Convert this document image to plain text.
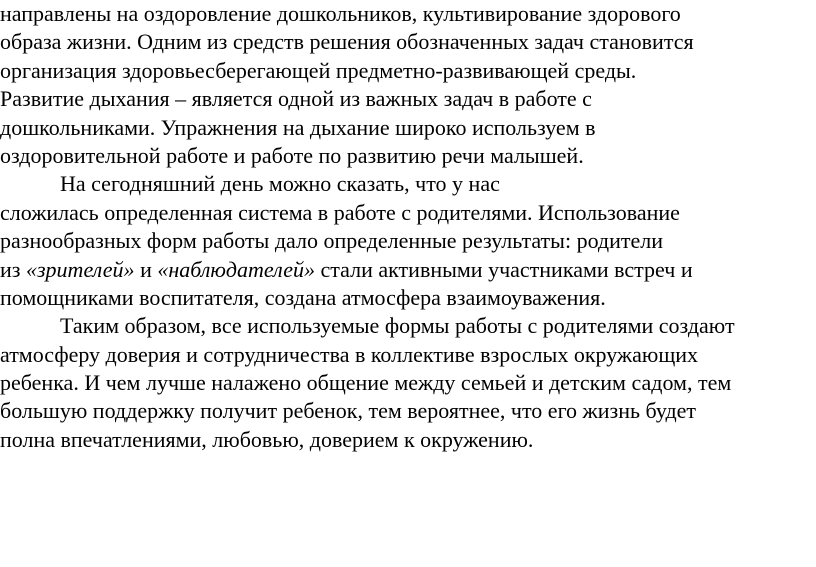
направлены на оздоровление дошкольников, культивирование здорового
образа жизни. Одним из средств решения обозначенных задач становится
организация здоровьесберегающей предметно-развивающей среды.
Развитие дыхания – является одной из важных задач в работе с
дошкольниками. Упражнения на дыхание широко используем в
оздоровительной работе и работе по развитию речи малышей.
На сегодняшний день можно сказать, что у нас
сложилась определенная система в работе с родителями. Использование
разнообразных форм работы дало определенные результаты: родители
из «зрителей» и «наблюдателей» стали активными участниками встреч и
помощниками воспитателя, создана атмосфера взаимоуважения.
Таким образом, все используемые формы работы с родителями создают
атмосферу доверия и сотрудничества в коллективе взрослых окружающих
ребенка. И чем лучше налажено общение между семьей и детским садом, тем
большую поддержку получит ребенок, тем вероятнее, что его жизнь будет
полна впечатлениями, любовью, доверием к окружению.
